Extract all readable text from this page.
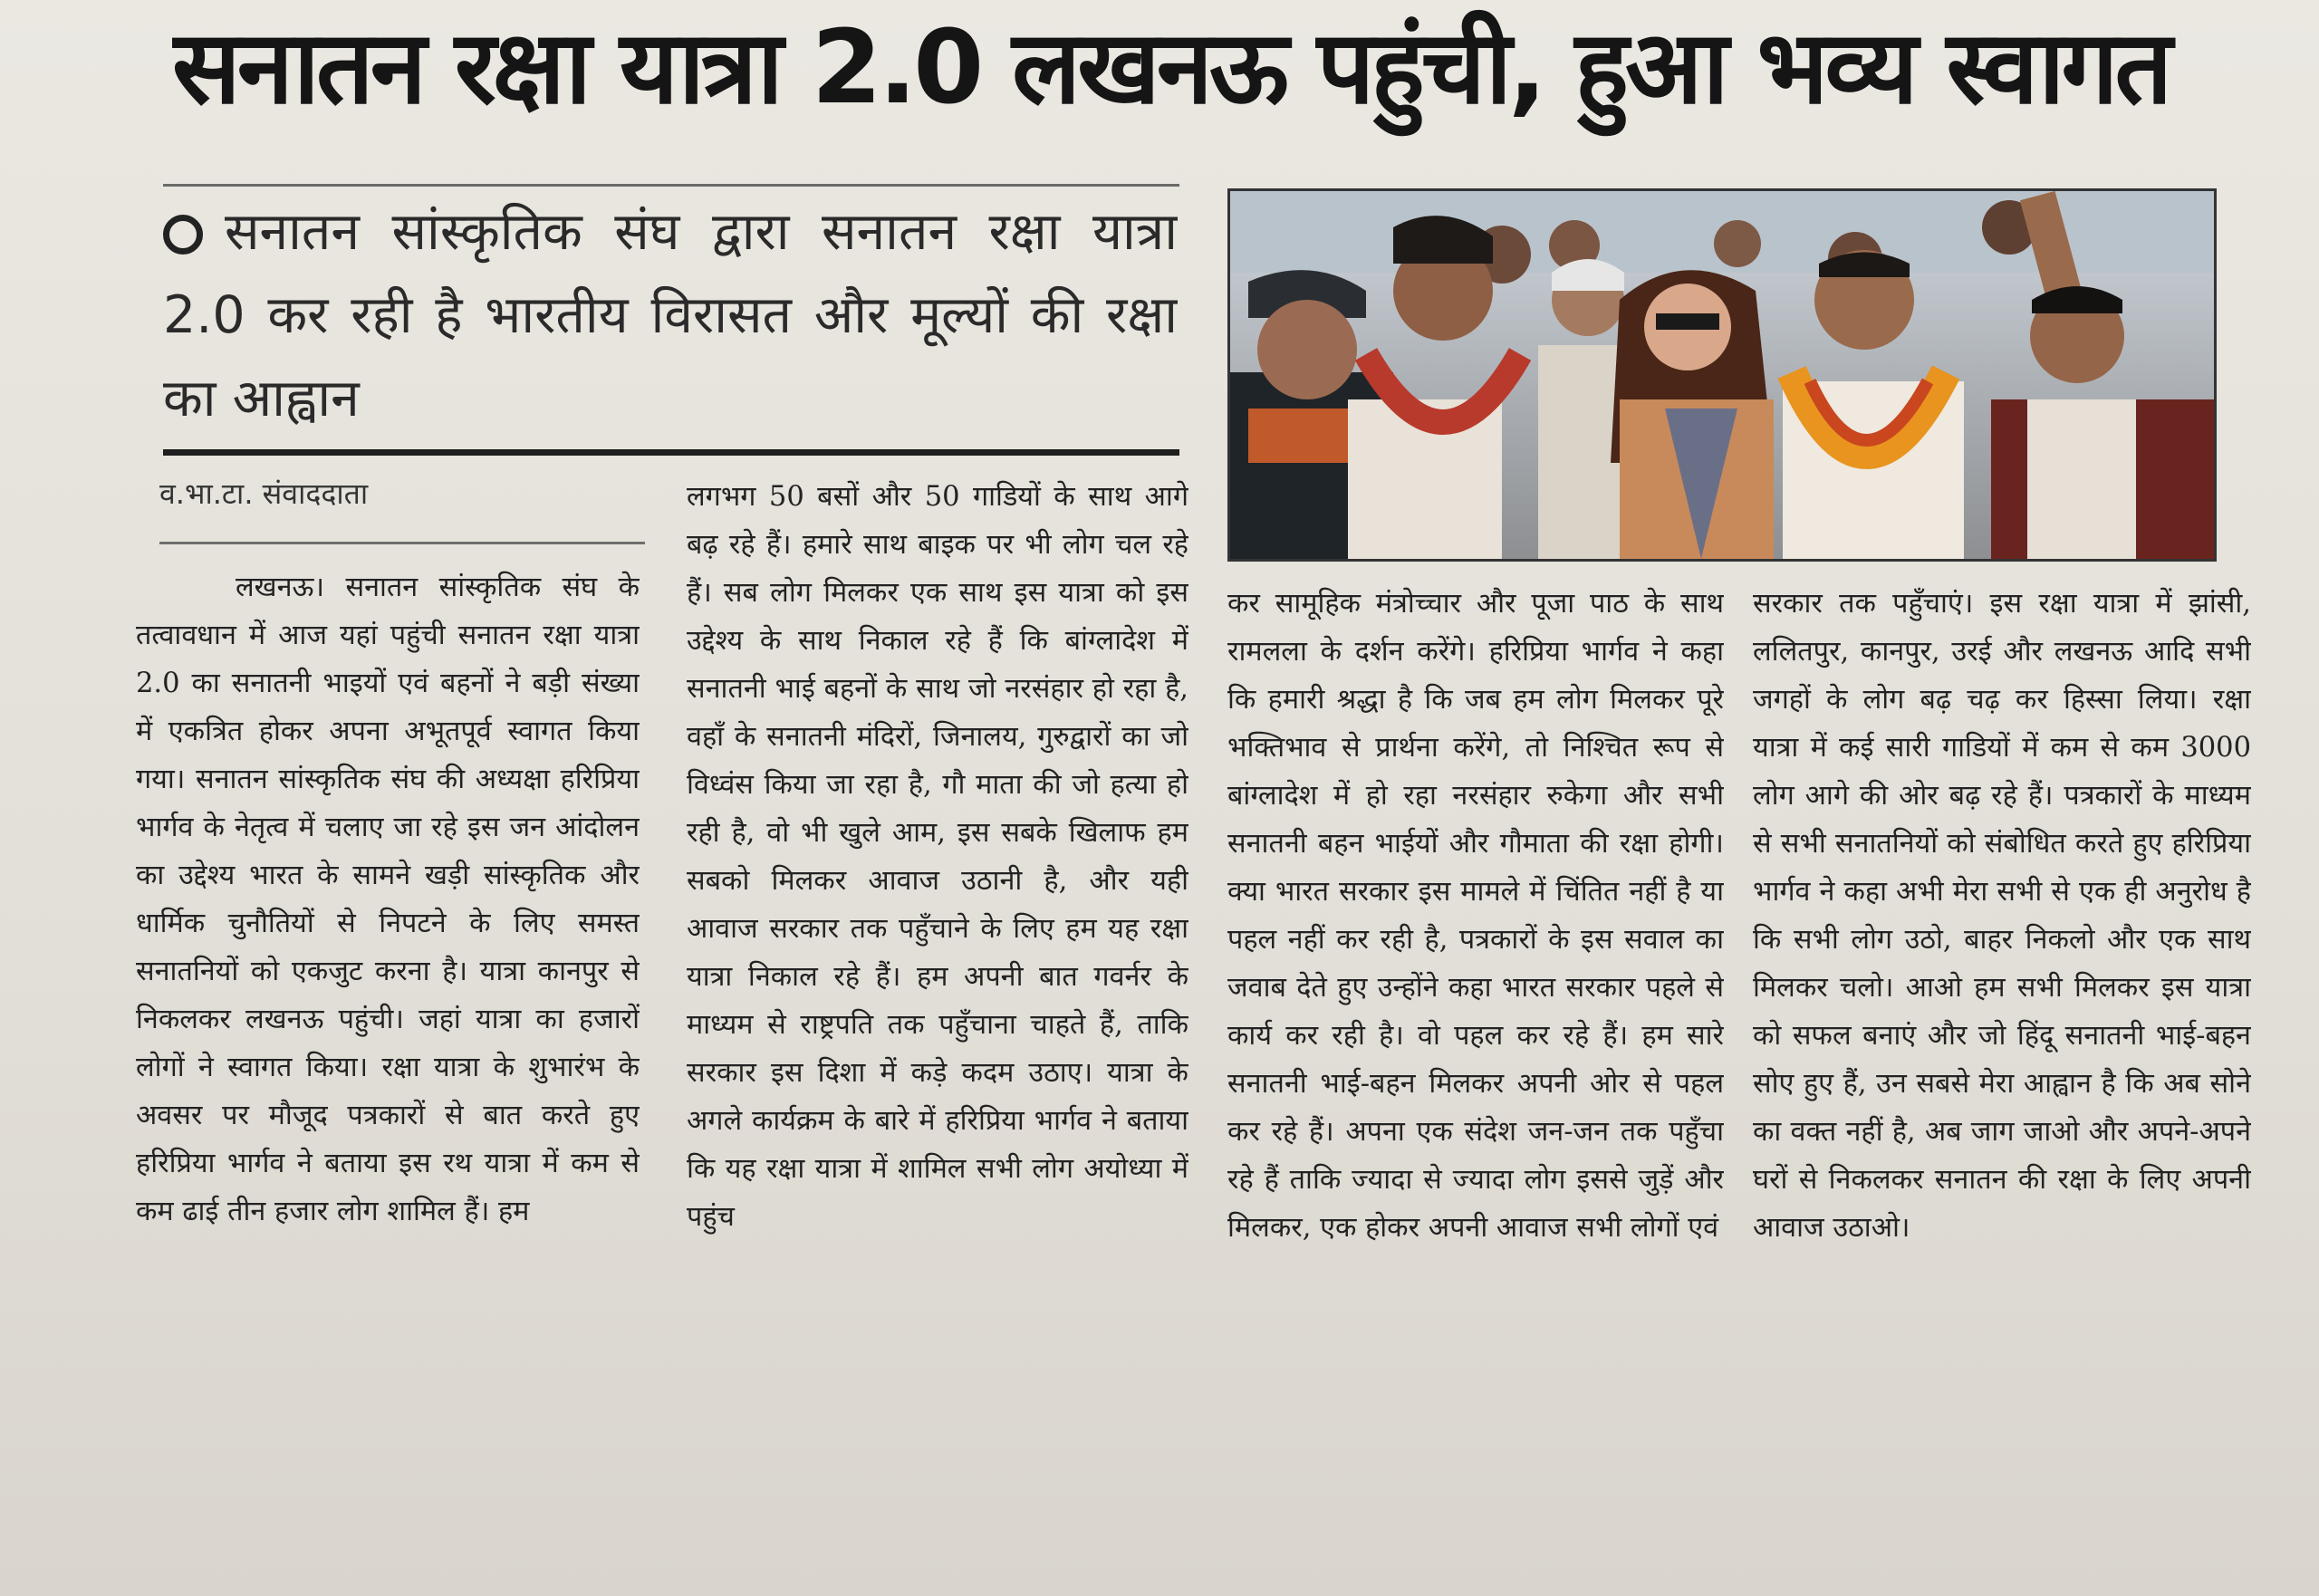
सनातन रक्षा यात्रा 2.0 लखनऊ पहुंची, हुआ भव्य स्वागत
सनातन सांस्कृतिक संघ द्वारा सनातन रक्षा यात्रा 2.0 कर रही है भारतीय विरासत और मूल्यों की रक्षा का आह्वान
व.भा.टा. संवाददाता
लखनऊ। सनातन सांस्कृतिक संघ के तत्वावधान में आज यहां पहुंची सनातन रक्षा यात्रा 2.0 का सनातनी भाइयों एवं बहनों ने बड़ी संख्या में एकत्रित होकर अपना अभूतपूर्व स्वागत किया गया। सनातन सांस्कृतिक संघ की अध्यक्षा हरिप्रिया भार्गव के नेतृत्व में चलाए जा रहे इस जन आंदोलन का उद्देश्य भारत के सामने खड़ी सांस्कृतिक और धार्मिक चुनौतियों से निपटने के लिए समस्त सनातनियों को एकजुट करना है। यात्रा कानपुर से निकलकर लखनऊ पहुंची। जहां यात्रा का हजारों लोगों ने स्वागत किया। रक्षा यात्रा के शुभारंभ के अवसर पर मौजूद पत्रकारों से बात करते हुए हरिप्रिया भार्गव ने बताया इस रथ यात्रा में कम से कम ढाई तीन हजार लोग शामिल हैं। हम
लगभग 50 बसों और 50 गाडियों के साथ आगे बढ़ रहे हैं। हमारे साथ बाइक पर भी लोग चल रहे हैं। सब लोग मिलकर एक साथ इस यात्रा को इस उद्देश्य के साथ निकाल रहे हैं कि बांग्लादेश में सनातनी भाई बहनों के साथ जो नरसंहार हो रहा है, वहाँ के सनातनी मंदिरों, जिनालय, गुरुद्वारों का जो विध्वंस किया जा रहा है, गौ माता की जो हत्या हो रही है, वो भी खुले आम, इस सबके खिलाफ हम सबको मिलकर आवाज उठानी है, और यही आवाज सरकार तक पहुँचाने के लिए हम यह रक्षा यात्रा निकाल रहे हैं। हम अपनी बात गवर्नर के माध्यम से राष्ट्रपति तक पहुँचाना चाहते हैं, ताकि सरकार इस दिशा में कड़े कदम उठाए। यात्रा के अगले कार्यक्रम के बारे में हरिप्रिया भार्गव ने बताया कि यह रक्षा यात्रा में शामिल सभी लोग अयोध्या में पहुंच
कर सामूहिक मंत्रोच्चार और पूजा पाठ के साथ रामलला के दर्शन करेंगे। हरिप्रिया भार्गव ने कहा कि हमारी श्रद्धा है कि जब हम लोग मिलकर पूरे भक्तिभाव से प्रार्थना करेंगे, तो निश्चित रूप से बांग्लादेश में हो रहा नरसंहार रुकेगा और सभी सनातनी बहन भाईयों और गौमाता की रक्षा होगी। क्या भारत सरकार इस मामले में चिंतित नहीं है या पहल नहीं कर रही है, पत्रकारों के इस सवाल का जवाब देते हुए उन्होंने कहा भारत सरकार पहले से कार्य कर रही है। वो पहल कर रहे हैं। हम सारे सनातनी भाई-बहन मिलकर अपनी ओर से पहल कर रहे हैं। अपना एक संदेश जन-जन तक पहुँचा रहे हैं ताकि ज्यादा से ज्यादा लोग इससे जुड़ें और मिलकर, एक होकर अपनी आवाज सभी लोगों एवं
सरकार तक पहुँचाएं। इस रक्षा यात्रा में झांसी, ललितपुर, कानपुर, उरई और लखनऊ आदि सभी जगहों के लोग बढ़ चढ़ कर हिस्सा लिया। रक्षा यात्रा में कई सारी गाडियों में कम से कम 3000 लोग आगे की ओर बढ़ रहे हैं। पत्रकारों के माध्यम से सभी सनातनियों को संबोधित करते हुए हरिप्रिया भार्गव ने कहा अभी मेरा सभी से एक ही अनुरोध है कि सभी लोग उठो, बाहर निकलो और एक साथ मिलकर चलो। आओ हम सभी मिलकर इस यात्रा को सफल बनाएं और जो हिंदू सनातनी भाई-बहन सोए हुए हैं, उन सबसे मेरा आह्वान है कि अब सोने का वक्त नहीं है, अब जाग जाओ और अपने-अपने घरों से निकलकर सनातन की रक्षा के लिए अपनी आवाज उठाओ।
